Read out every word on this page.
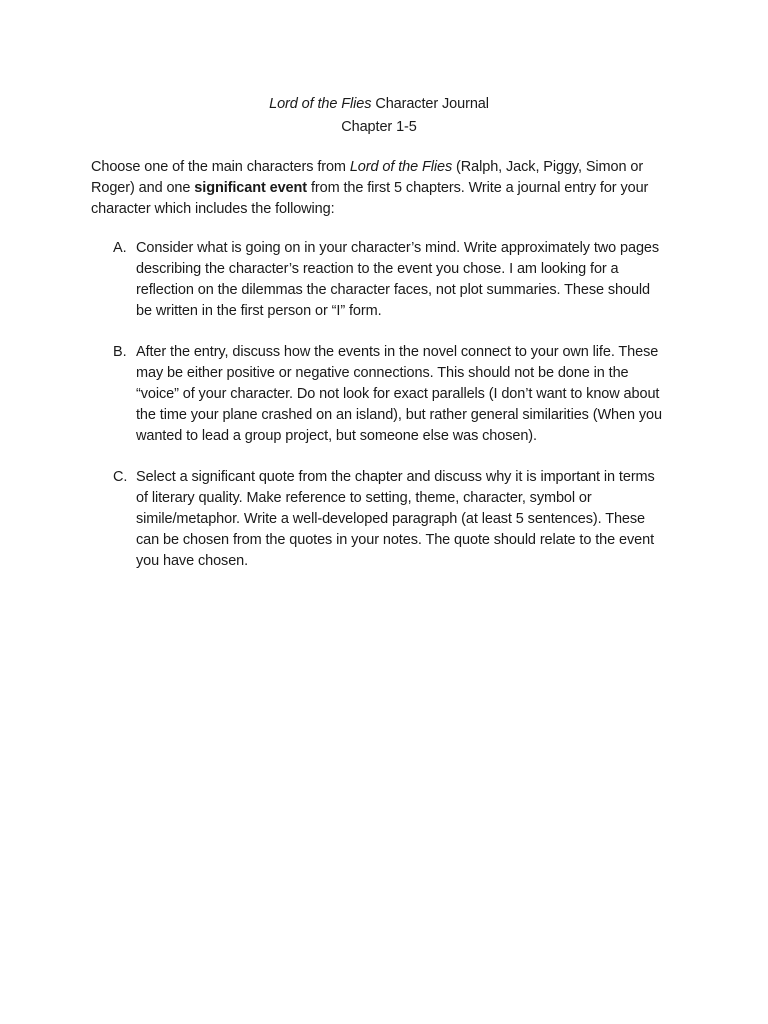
Lord of the Flies Character Journal
Chapter 1-5

Choose one of the main characters from Lord of the Flies (Ralph, Jack, Piggy, Simon or Roger) and one significant event from the first 5 chapters. Write a journal entry for your character which includes the following:

A. Consider what is going on in your character’s mind. Write approximately two pages describing the character’s reaction to the event you chose. I am looking for a reflection on the dilemmas the character faces, not plot summaries. These should be written in the first person or “I” form.
B. After the entry, discuss how the events in the novel connect to your own life. These may be either positive or negative connections. This should not be done in the “voice” of your character. Do not look for exact parallels (I don’t want to know about the time your plane crashed on an island), but rather general similarities (When you wanted to lead a group project, but someone else was chosen).
C. Select a significant quote from the chapter and discuss why it is important in terms of literary quality. Make reference to setting, theme, character, symbol or simile/metaphor. Write a well-developed paragraph (at least 5 sentences). These can be chosen from the quotes in your notes. The quote should relate to the event you have chosen.
